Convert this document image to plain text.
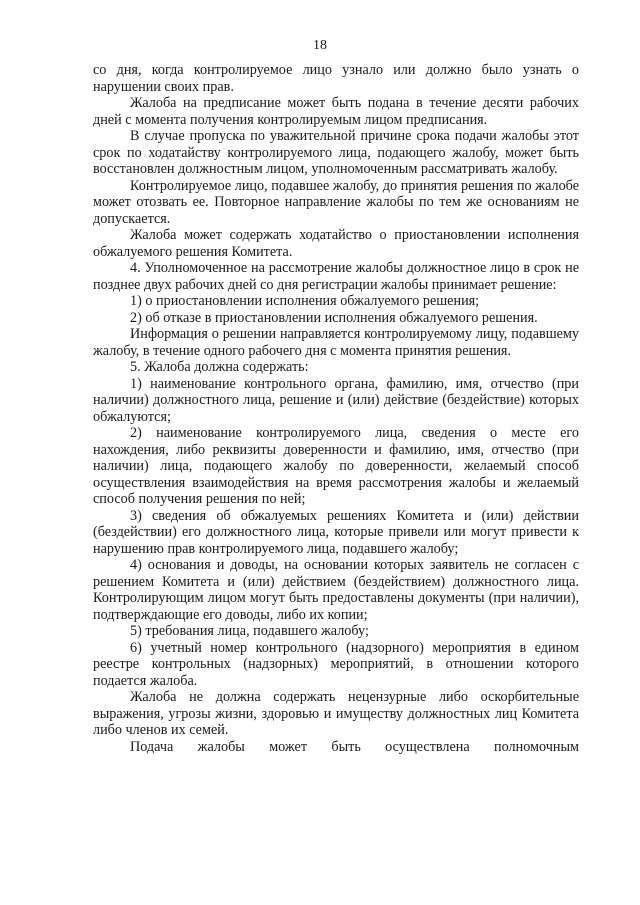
18

со дня, когда контролируемое лицо узнало или должно было узнать о нарушении своих прав.

Жалоба на предписание может быть подана в течение десяти рабочих дней с момента получения контролируемым лицом предписания.

В случае пропуска по уважительной причине срока подачи жалобы этот срок по ходатайству контролируемого лица, подающего жалобу, может быть восстановлен должностным лицом, уполномоченным рассматривать жалобу.

Контролируемое лицо, подавшее жалобу, до принятия решения по жалобе может отозвать ее. Повторное направление жалобы по тем же основаниям не допускается.

Жалоба может содержать ходатайство о приостановлении исполнения обжалуемого решения Комитета.

4. Уполномоченное на рассмотрение жалобы должностное лицо в срок не позднее двух рабочих дней со дня регистрации жалобы принимает решение:

1) о приостановлении исполнения обжалуемого решения;

2) об отказе в приостановлении исполнения обжалуемого решения.

Информация о решении направляется контролируемому лицу, подавшему жалобу, в течение одного рабочего дня с момента принятия решения.

5. Жалоба должна содержать:

1) наименование контрольного органа, фамилию, имя, отчество (при наличии) должностного лица, решение и (или) действие (бездействие) которых обжалуются;

2) наименование контролируемого лица, сведения о месте его нахождения, либо реквизиты доверенности и фамилию, имя, отчество (при наличии) лица, подающего жалобу по доверенности, желаемый способ осуществления взаимодействия на время рассмотрения жалобы и желаемый способ получения решения по ней;

3) сведения об обжалуемых решениях Комитета и (или) действии (бездействии) его должностного лица, которые привели или могут привести к нарушению прав контролируемого лица, подавшего жалобу;

4) основания и доводы, на основании которых заявитель не согласен с решением Комитета и (или) действием (бездействием) должностного лица. Контролирующим лицом могут быть предоставлены документы (при наличии), подтверждающие его доводы, либо их копии;

5) требования лица, подавшего жалобу;

6) учетный номер контрольного (надзорного) мероприятия в едином реестре контрольных (надзорных) мероприятий, в отношении которого подается жалоба.

Жалоба не должна содержать нецензурные либо оскорбительные выражения, угрозы жизни, здоровью и имуществу должностных лиц Комитета либо членов их семей.

Подача жалобы может быть осуществлена полномочным
